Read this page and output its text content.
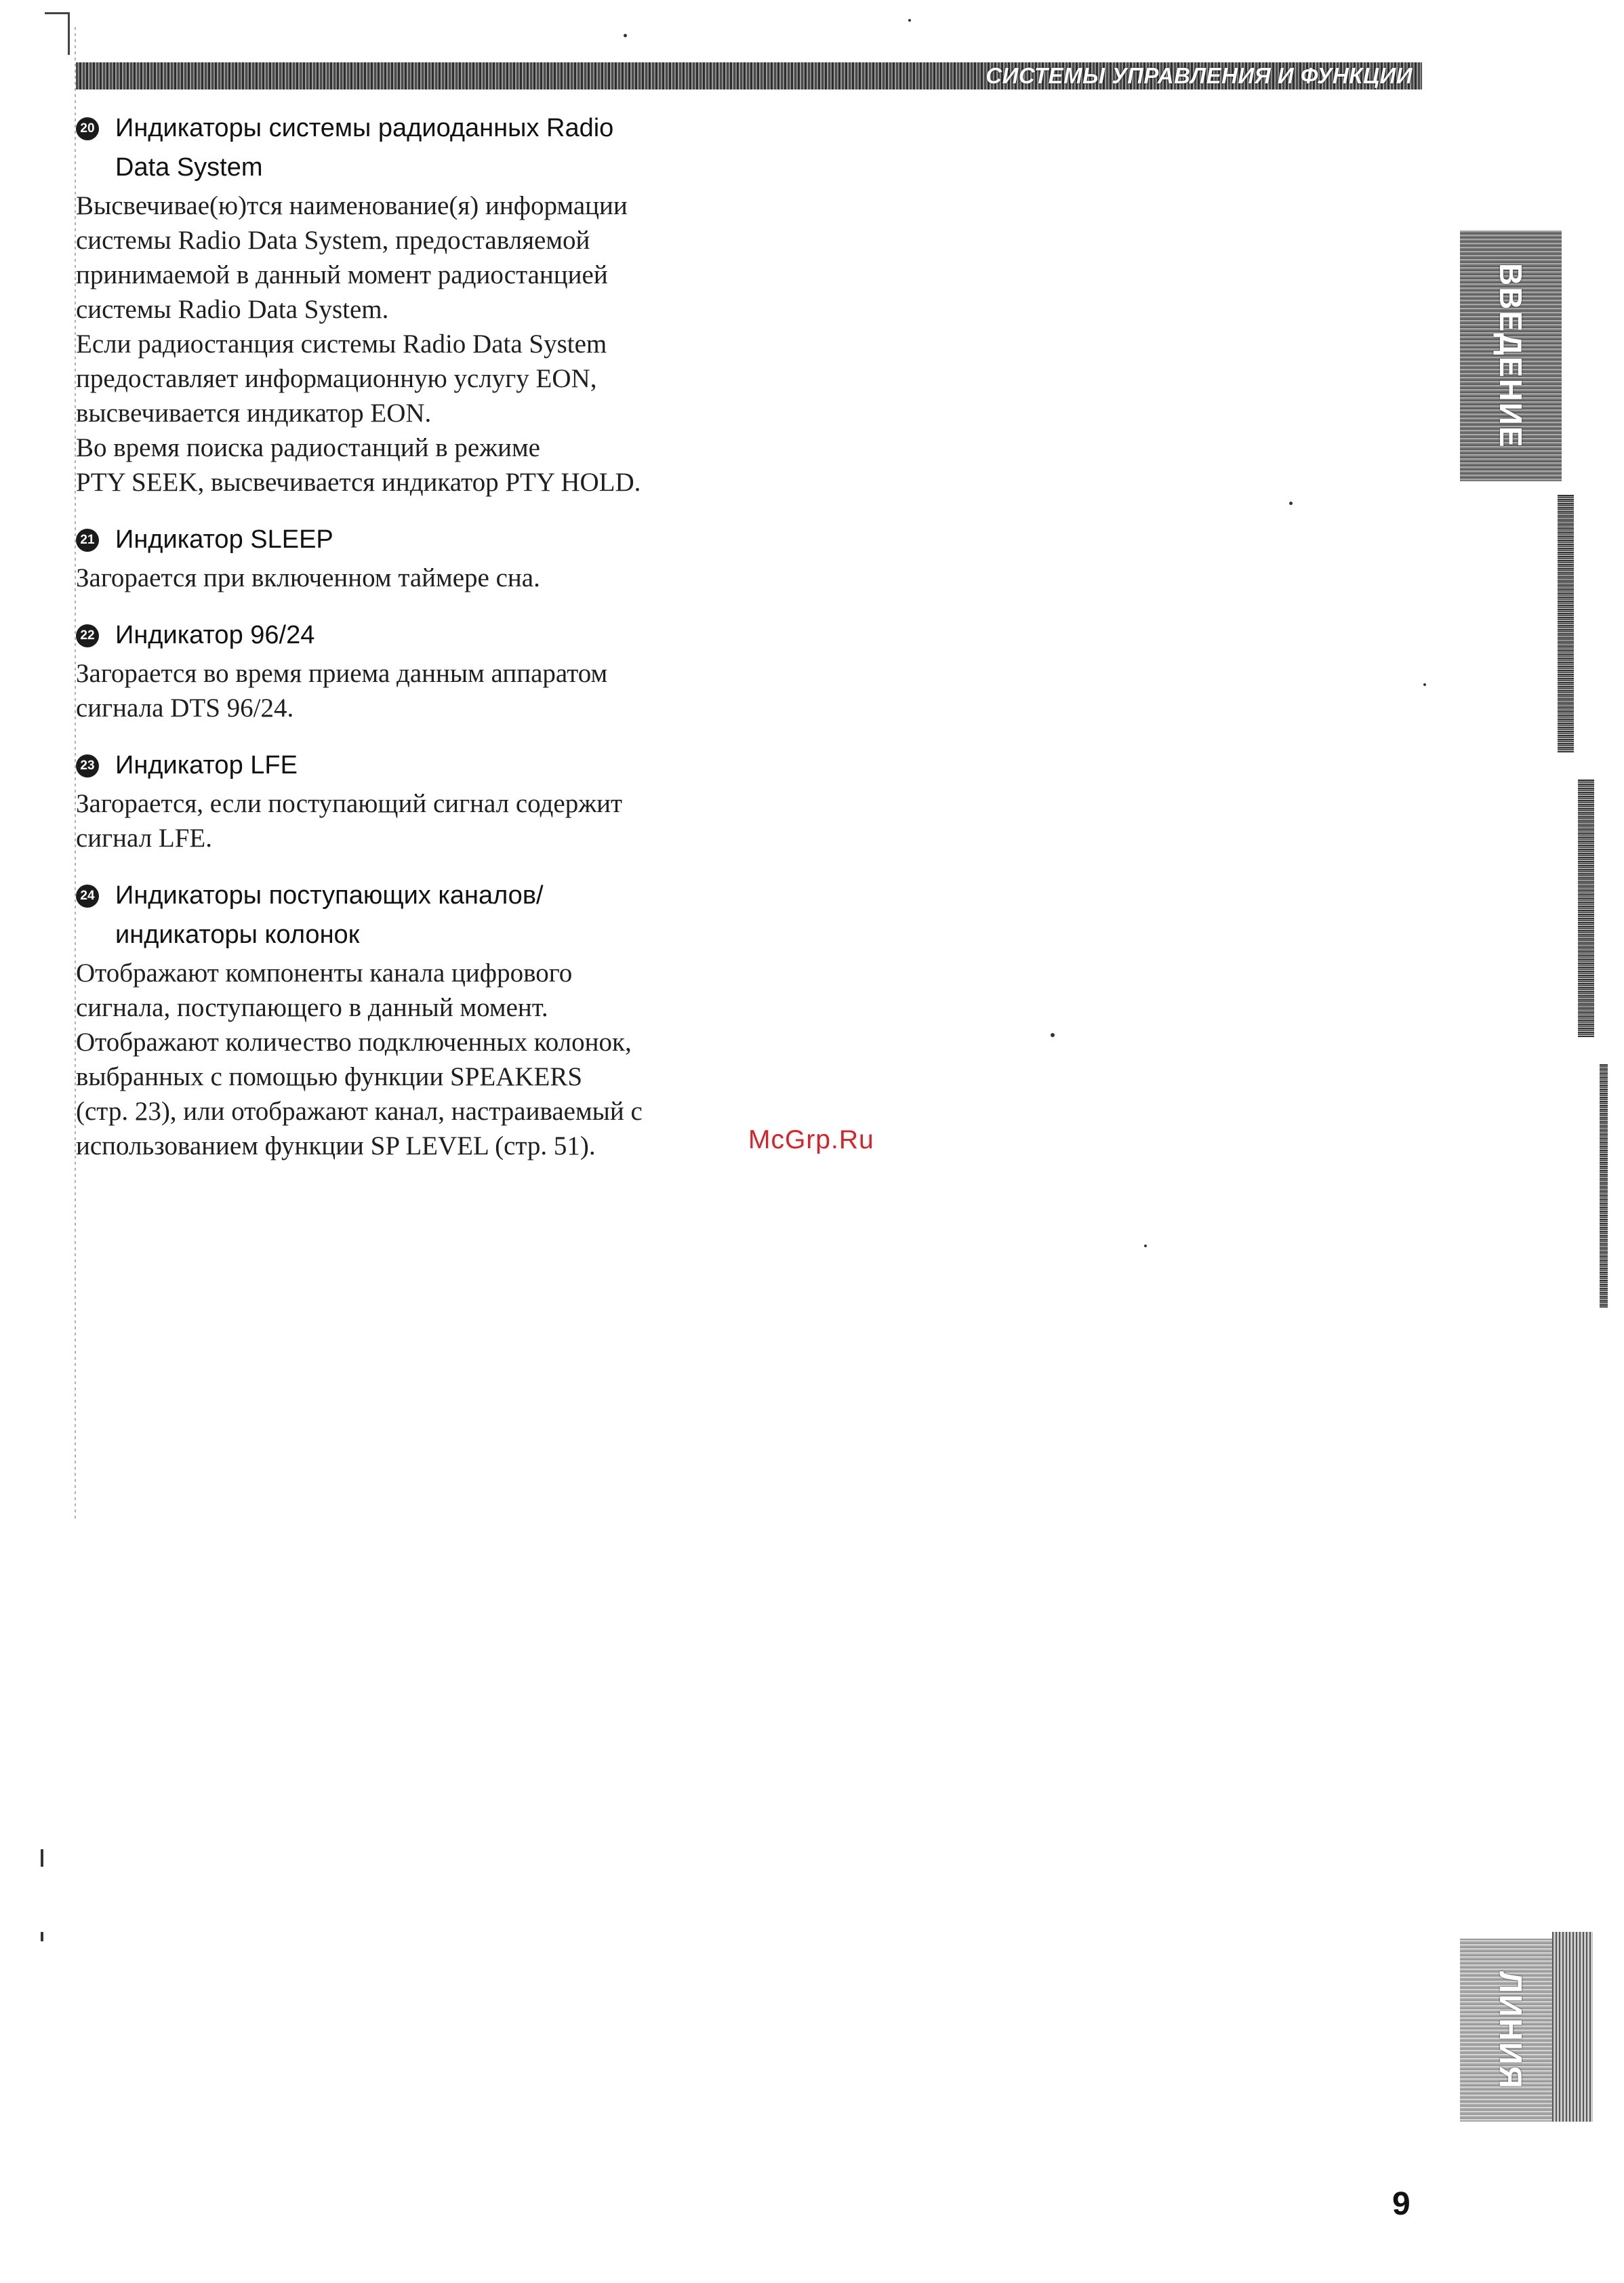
СИСТЕМЫ УПРАВЛЕНИЯ И ФУНКЦИИ
20 Индикаторы системы радиоданных Radio
Data System
Высвечивае(ю)тся наименование(я) информации
системы Radio Data System, предоставляемой
принимаемой в данный момент радиостанцией
системы Radio Data System.
Если радиостанция системы Radio Data System
предоставляет информационную услугу EON,
высвечивается индикатор EON.
Во время поиска радиостанций в режиме
PTY SEEK, высвечивается индикатор PTY HOLD.
21 Индикатор SLEEP
Загорается при включенном таймере сна.
22 Индикатор 96/24
Загорается во время приема данным аппаратом
сигнала DTS 96/24.
23 Индикатор LFE
Загорается, если поступающий сигнал содержит
сигнал LFE.
24 Индикаторы поступающих каналов/
индикаторы колонок
Отображают компоненты канала цифрового
сигнала, поступающего в данный момент.
Отображают количество подключенных колонок,
выбранных с помощью функции SPEAKERS
(стр. 23), или отображают канал, настраиваемый с
использованием функции SP LEVEL (стр. 51).
ВВЕДЕНИЕ
ЛИНИЯ
McGrp.Ru
9
